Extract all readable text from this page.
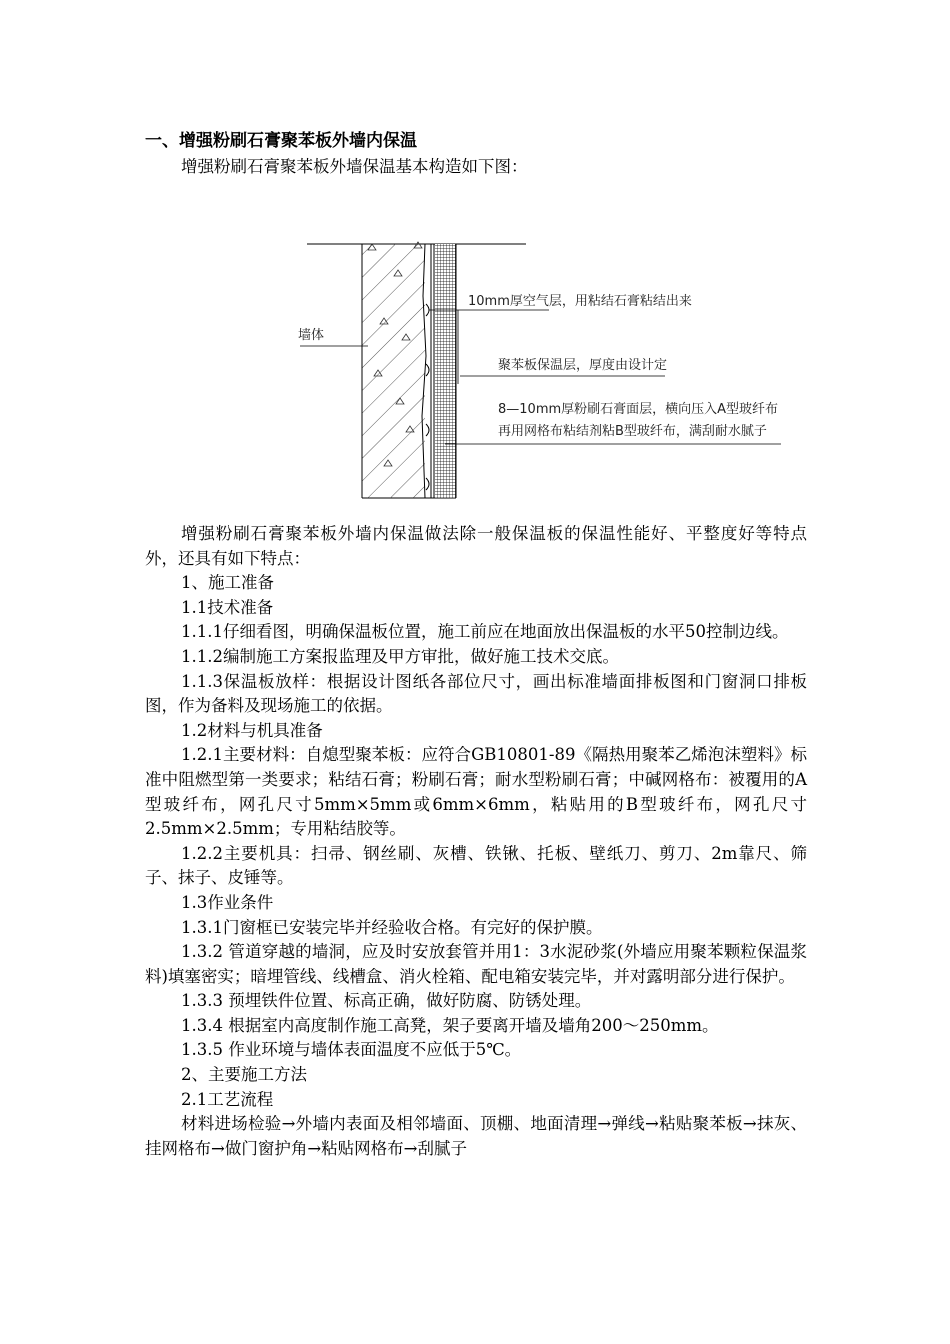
一、增强粉刷石膏聚苯板外墙内保温
增强粉刷石膏聚苯板外墙保温基本构造如下图：
墙体
10mm厚空气层，用粘结石膏粘结出来
聚苯板保温层，厚度由设计定
8—10mm厚粉刷石膏面层，横向压入A型玻纤布
再用网格布粘结剂粘B型玻纤布，满刮耐水腻子

增强粉刷石膏聚苯板外墙内保温做法除一般保温板的保温性能好、平整度好等特点外，还具有如下特点：

1、施工准备

1.1技术准备

1.1.1仔细看图，明确保温板位置，施工前应在地面放出保温板的水平50控制边线。

1.1.2编制施工方案报监理及甲方审批，做好施工技术交底。

1.1.3保温板放样：根据设计图纸各部位尺寸，画出标准墙面排板图和门窗洞口排板图，作为备料及现场施工的依据。

1.2材料与机具准备

1.2.1主要材料：自熄型聚苯板：应符合GB10801-89《隔热用聚苯乙烯泡沫塑料》标准中阻燃型第一类要求；粘结石膏；粉刷石膏；耐水型粉刷石膏；中碱网格布：被覆用的A型玻纤布，网孔尺寸5mm×5mm或6mm×6mm，粘贴用的B型玻纤布，网孔尺寸2.5mm×2.5mm；专用粘结胶等。

1.2.2主要机具：扫帚、钢丝刷、灰槽、铁锹、托板、壁纸刀、剪刀、2m靠尺、筛子、抹子、皮锤等。

1.3作业条件

1.3.1门窗框已安装完毕并经验收合格。有完好的保护膜。

1.3.2 管道穿越的墙洞，应及时安放套管并用1：3水泥砂浆(外墙应用聚苯颗粒保温浆料)填塞密实；暗埋管线、线槽盒、消火栓箱、配电箱安装完毕，并对露明部分进行保护。

1.3.3 预埋铁件位置、标高正确，做好防腐、防锈处理。

1.3.4 根据室内高度制作施工高凳，架子要离开墙及墙角200～250mm。

1.3.5 作业环境与墙体表面温度不应低于5℃。

2、主要施工方法

2.1工艺流程

材料进场检验→外墙内表面及相邻墙面、顶棚、地面清理→弹线→粘贴聚苯板→抹灰、挂网格布→做门窗护角→粘贴网格布→刮腻子
